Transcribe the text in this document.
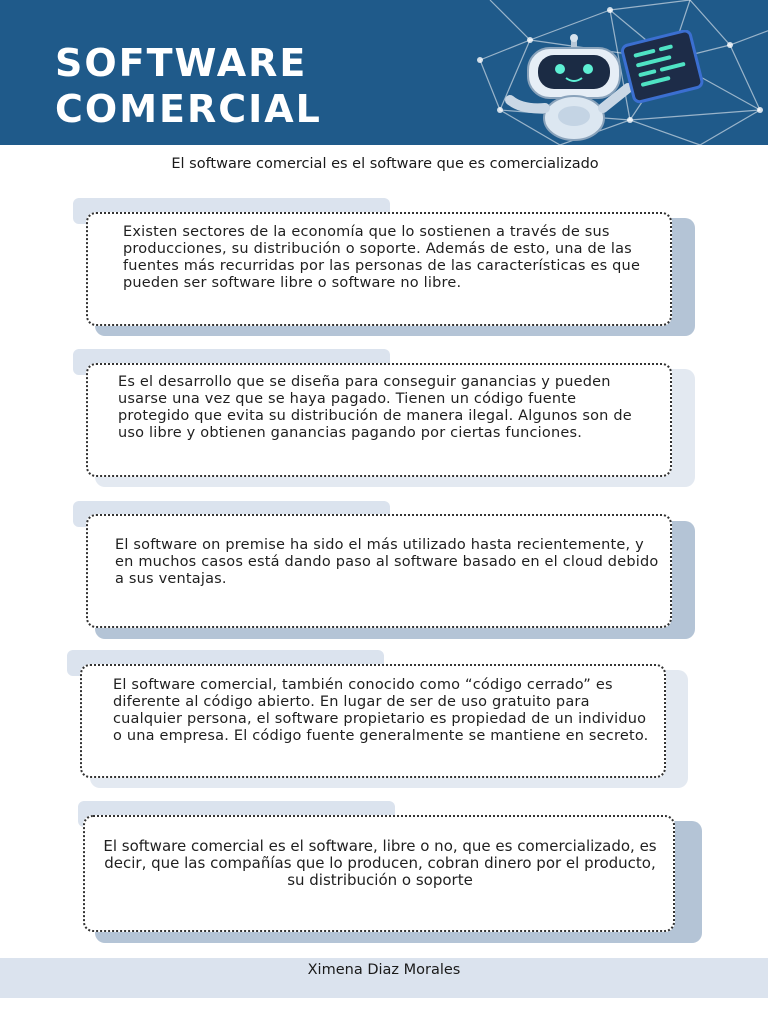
SOFTWARE
COMERCIAL

El software comercial es el software que es comercializado

Existen sectores de la economía que lo sostienen a través de sus producciones, su distribución o soporte. Además de esto, una de las fuentes más recurridas por las personas de las características es que pueden ser software libre o software no libre.

Es el desarrollo que se diseña para conseguir ganancias y pueden usarse una vez que se haya pagado. Tienen un código fuente protegido que evita su distribución de manera ilegal. Algunos son de uso libre y obtienen ganancias pagando por ciertas funciones.

El software on premise ha sido el más utilizado hasta recientemente, y en muchos casos está dando paso al software basado en el cloud debido a sus ventajas.

El software comercial, también conocido como “código cerrado” es diferente al código abierto. En lugar de ser de uso gratuito para cualquier persona, el software propietario es propiedad de un individuo o una empresa. El código fuente generalmente se mantiene en secreto.

El software comercial es el software, libre o no, que es comercializado, es decir, que las compañías que lo producen, cobran dinero por el producto, su distribución o soporte

Ximena Diaz Morales
